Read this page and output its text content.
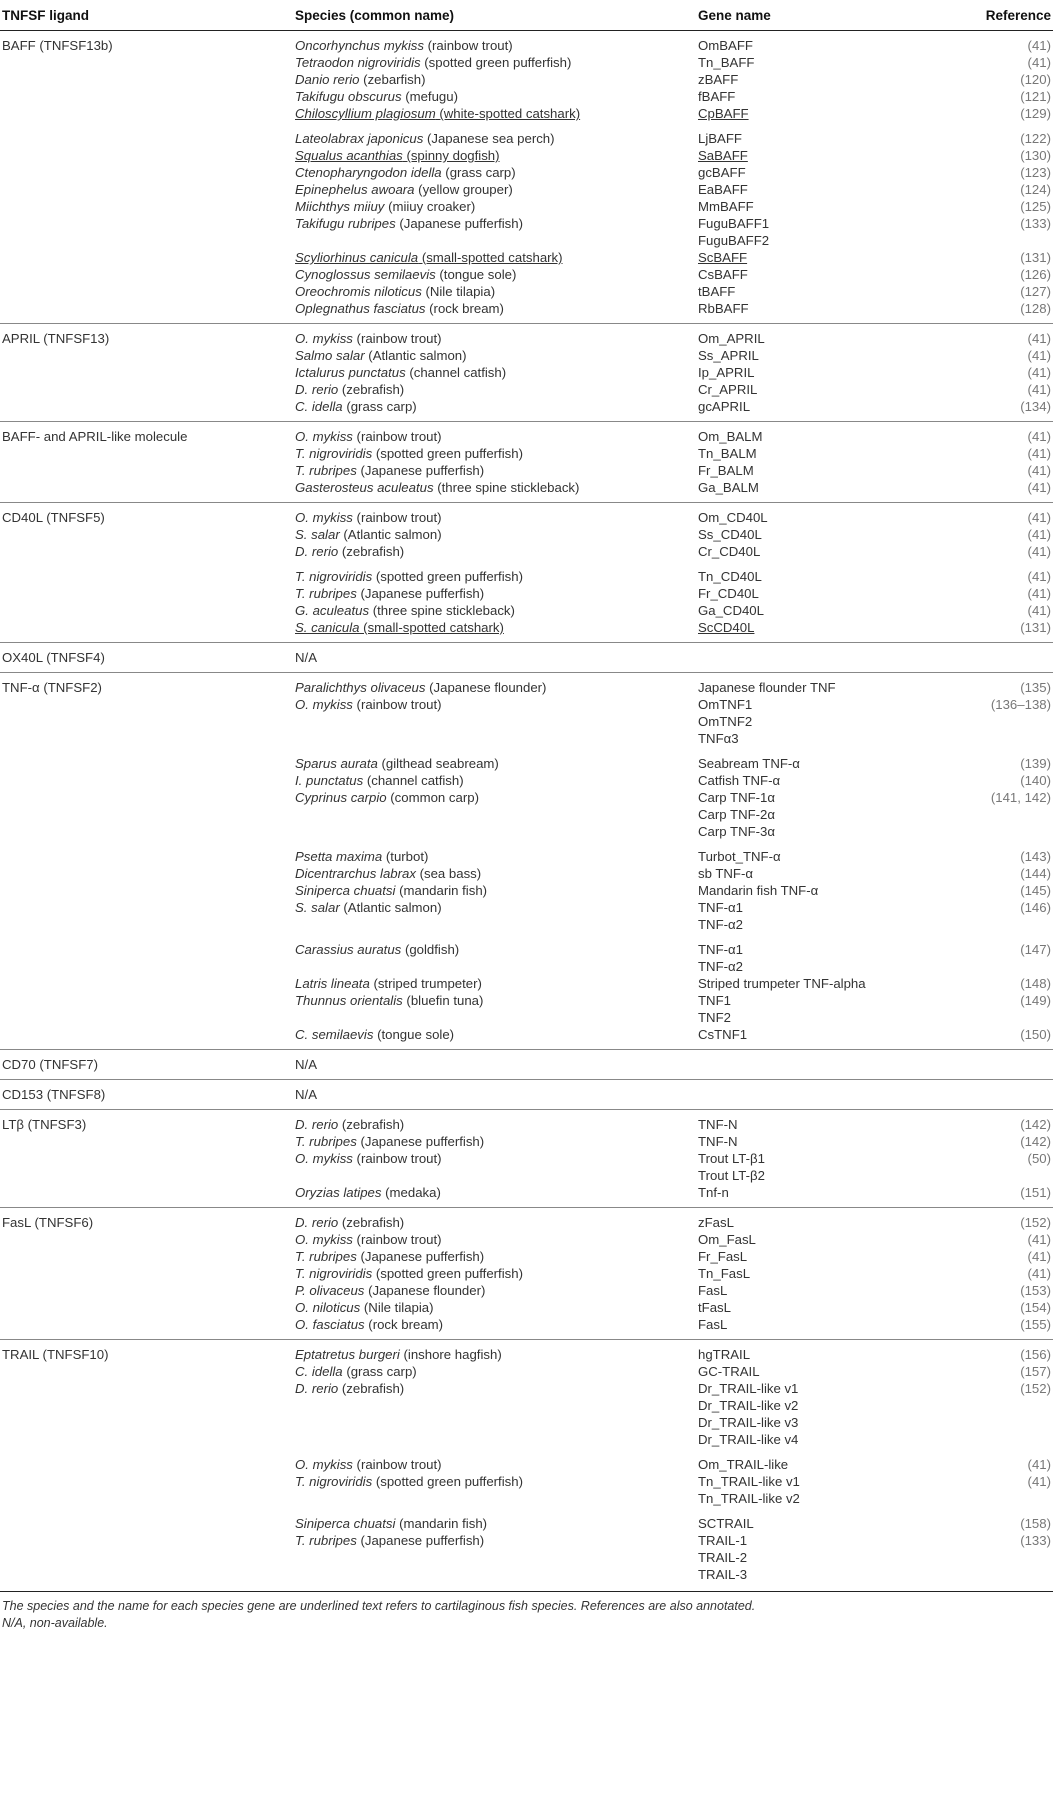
TNFSF ligand	Species (common name)	Gene name	Reference
BAFF (TNFSF13b)	Oncorhynchus mykiss (rainbow trout)	OmBAFF	(41)
Tetraodon nigroviridis (spotted green pufferfish)	Tn_BAFF	(41)
Danio rerio (zebarfish)	zBAFF	(120)
Takifugu obscurus (mefugu)	fBAFF	(121)
Chiloscyllium plagiosum (white-spotted catshark)	CpBAFF	(129)
Lateolabrax japonicus (Japanese sea perch)	LjBAFF	(122)
Squalus acanthias (spinny dogfish)	SaBAFF	(130)
Ctenopharyngodon idella (grass carp)	gcBAFF	(123)
Epinephelus awoara (yellow grouper)	EaBAFF	(124)
Miichthys miiuy (miiuy croaker)	MmBAFF	(125)
Takifugu rubripes (Japanese pufferfish)	FuguBAFF1	(133)
FuguBAFF2
Scyliorhinus canicula (small-spotted catshark)	ScBAFF	(131)
Cynoglossus semilaevis (tongue sole)	CsBAFF	(126)
Oreochromis niloticus (Nile tilapia)	tBAFF	(127)
Oplegnathus fasciatus (rock bream)	RbBAFF	(128)
APRIL (TNFSF13)	O. mykiss (rainbow trout)	Om_APRIL	(41)
Salmo salar (Atlantic salmon)	Ss_APRIL	(41)
Ictalurus punctatus (channel catfish)	Ip_APRIL	(41)
D. rerio (zebrafish)	Cr_APRIL	(41)
C. idella (grass carp)	gcAPRIL	(134)
BAFF- and APRIL-like molecule	O. mykiss (rainbow trout)	Om_BALM	(41)
T. nigroviridis (spotted green pufferfish)	Tn_BALM	(41)
T. rubripes (Japanese pufferfish)	Fr_BALM	(41)
Gasterosteus aculeatus (three spine stickleback)	Ga_BALM	(41)
CD40L (TNFSF5)	O. mykiss (rainbow trout)	Om_CD40L	(41)
S. salar (Atlantic salmon)	Ss_CD40L	(41)
D. rerio (zebrafish)	Cr_CD40L	(41)
T. nigroviridis (spotted green pufferfish)	Tn_CD40L	(41)
T. rubripes (Japanese pufferfish)	Fr_CD40L	(41)
G. aculeatus (three spine stickleback)	Ga_CD40L	(41)
S. canicula (small-spotted catshark)	ScCD40L	(131)
OX40L (TNFSF4)	N/A
TNF-α (TNFSF2)	Paralichthys olivaceus (Japanese flounder)	Japanese flounder TNF	(135)
O. mykiss (rainbow trout)	OmTNF1	(136–138)
OmTNF2
TNFα3
Sparus aurata (gilthead seabream)	Seabream TNF-α	(139)
I. punctatus (channel catfish)	Catfish TNF-α	(140)
Cyprinus carpio (common carp)	Carp TNF-1α	(141, 142)
Carp TNF-2α
Carp TNF-3α
Psetta maxima (turbot)	Turbot_TNF-α	(143)
Dicentrarchus labrax (sea bass)	sb TNF-α	(144)
Siniperca chuatsi (mandarin fish)	Mandarin fish TNF-α	(145)
S. salar (Atlantic salmon)	TNF-α1	(146)
TNF-α2
Carassius auratus (goldfish)	TNF-α1	(147)
TNF-α2
Latris lineata (striped trumpeter)	Striped trumpeter TNF-alpha	(148)
Thunnus orientalis (bluefin tuna)	TNF1	(149)
TNF2
C. semilaevis (tongue sole)	CsTNF1	(150)
CD70 (TNFSF7)	N/A
CD153 (TNFSF8)	N/A
LTβ (TNFSF3)	D. rerio (zebrafish)	TNF-N	(142)
T. rubripes (Japanese pufferfish)	TNF-N	(142)
O. mykiss (rainbow trout)	Trout LT-β1	(50)
Trout LT-β2
Oryzias latipes (medaka)	Tnf-n	(151)
FasL (TNFSF6)	D. rerio (zebrafish)	zFasL	(152)
O. mykiss (rainbow trout)	Om_FasL	(41)
T. rubripes (Japanese pufferfish)	Fr_FasL	(41)
T. nigroviridis (spotted green pufferfish)	Tn_FasL	(41)
P. olivaceus (Japanese flounder)	FasL	(153)
O. niloticus (Nile tilapia)	tFasL	(154)
O. fasciatus (rock bream)	FasL	(155)
TRAIL (TNFSF10)	Eptatretus burgeri (inshore hagfish)	hgTRAIL	(156)
C. idella (grass carp)	GC-TRAIL	(157)
D. rerio (zebrafish)	Dr_TRAIL-like v1	(152)
Dr_TRAIL-like v2
Dr_TRAIL-like v3
Dr_TRAIL-like v4
O. mykiss (rainbow trout)	Om_TRAIL-like	(41)
T. nigroviridis (spotted green pufferfish)	Tn_TRAIL-like v1	(41)
Tn_TRAIL-like v2
Siniperca chuatsi (mandarin fish)	SCTRAIL	(158)
T. rubripes (Japanese pufferfish)	TRAIL-1	(133)
TRAIL-2
TRAIL-3
The species and the name for each species gene are underlined text refers to cartilaginous fish species. References are also annotated.
N/A, non-available.
